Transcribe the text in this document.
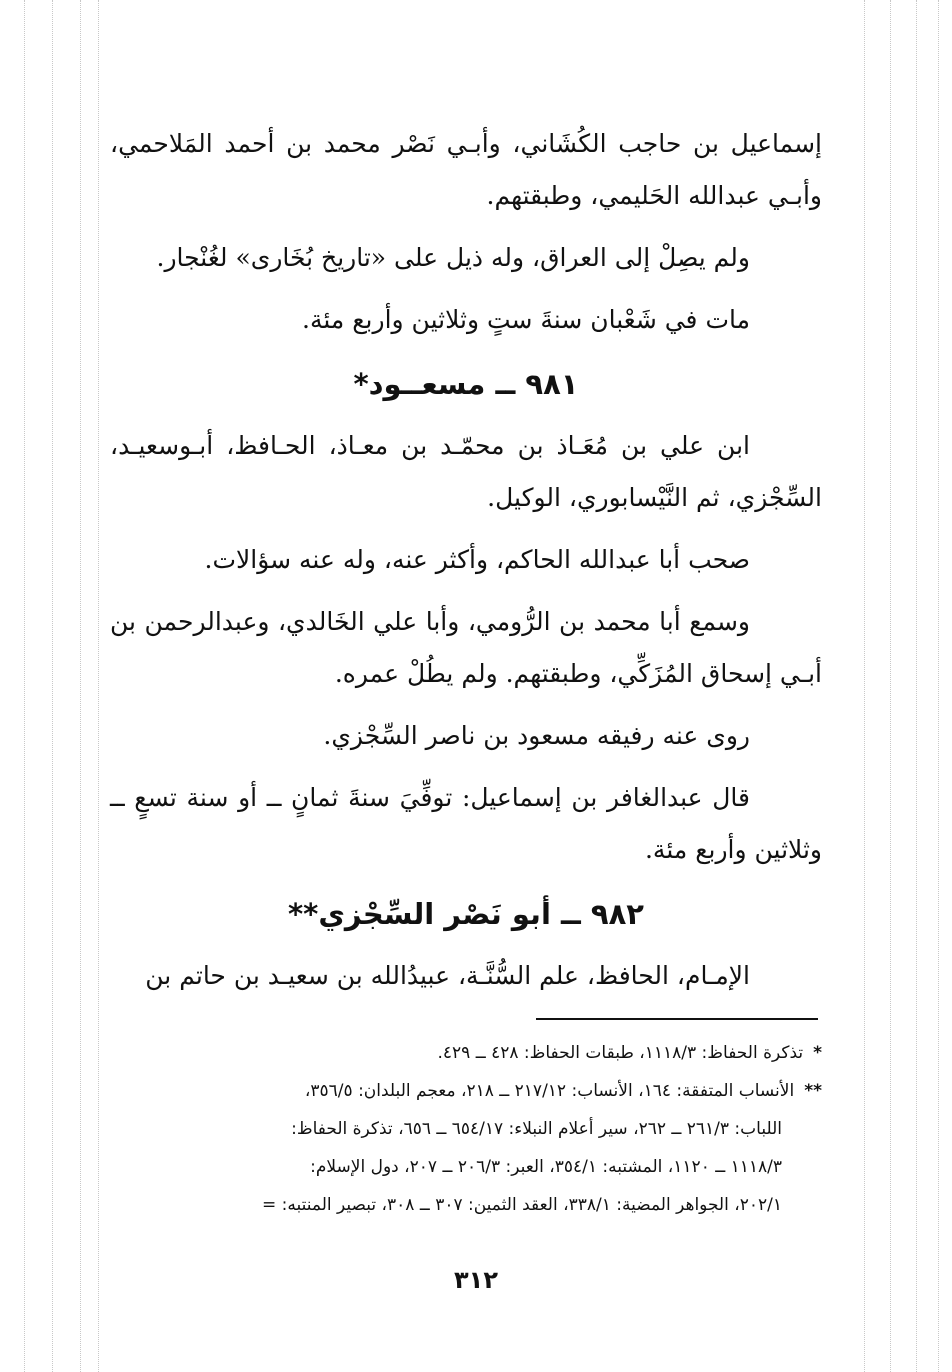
إسماعيل بن حاجب الكُشَاني، وأبـي نَصْر محمد بن أحمد المَلاحمي، وأبـي عبدالله الحَليمي، وطبقتهم.

ولم يصِلْ إلى العراق، وله ذيل على «تاريخ بُخَارى» لغُنْجار.

مات في شَعْبان سنةَ ستٍ وثلاثين وأربع مئة.

٩٨١ ــ مسعــود*

ابن علي بن مُعَـاذ بن محمّـد بن معـاذ، الحـافظ، أبـوسعيـد، السِّجْزي، ثم النَّيْسابوري، الوكيل.

صحب أبا عبدالله الحاكم، وأكثر عنه، وله عنه سؤالات.

وسمع أبا محمد بن الرُّومي، وأبا علي الخَالدي، وعبدالرحمن بن أبـي إسحاق المُزَكِّي، وطبقتهم. ولم يطُلْ عمره.

روى عنه رفيقه مسعود بن ناصر السِّجْزي.

قال عبدالغافر بن إسماعيل: توفِّيَ سنةَ ثمانٍ ــ أو سنة تسعٍ ــ وثلاثين وأربع مئة.

٩٨٢ ــ أبو نَصْر السِّجْزي**

الإمـام، الحافظ، علم السُّنَّـة، عبيدُالله بن سعيـد بن حاتم بن

*تذكرة الحفاظ: ١١١٨/٣، طبقات الحفاظ: ٤٢٨ ــ ٤٢٩.

**الأنساب المتفقة: ١٦٤، الأنساب: ٢١٧/١٢ ــ ٢١٨، معجم البلدان: ٣٥٦/٥،
اللباب: ٢٦١/٣ ــ ٢٦٢، سير أعلام النبلاء: ٦٥٤/١٧ ــ ٦٥٦، تذكرة الحفاظ:
١١١٨/٣ ــ ١١٢٠، المشتبه: ٣٥٤/١، العبر: ٢٠٦/٣ ــ ٢٠٧، دول الإسلام:
٢٠٢/١، الجواهر المضية: ٣٣٨/١، العقد الثمين: ٣٠٧ ــ ٣٠٨، تبصير المنتبه: =

٣١٢
